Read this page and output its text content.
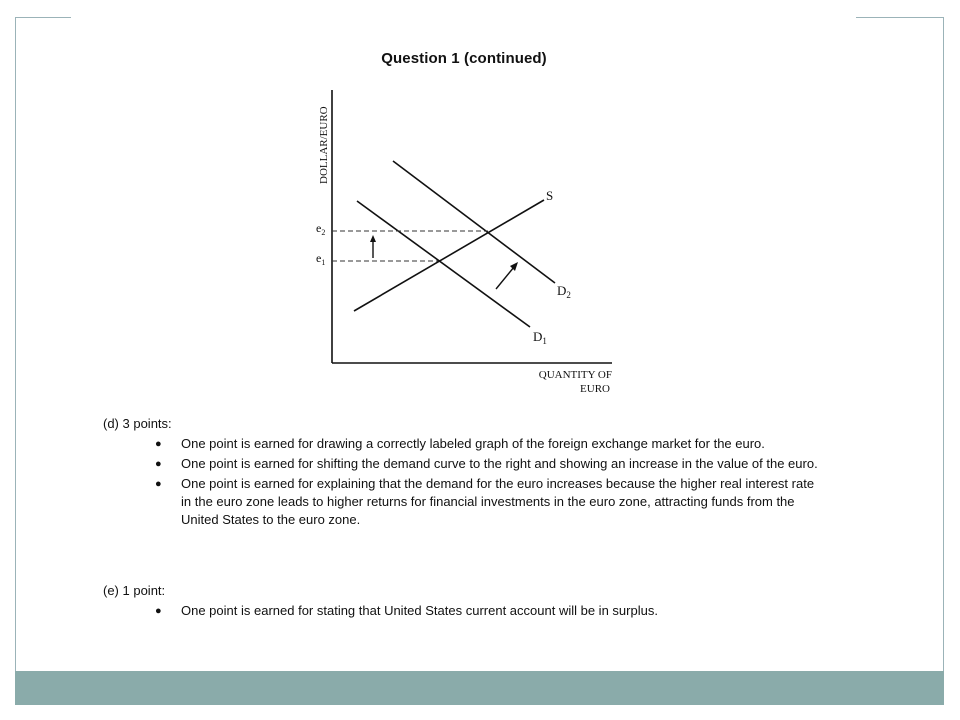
Question 1 (continued)
DOLLAR/EURO
QUANTITY OF
EURO
S
$D_1$
$D_2$
$e_2$
$e_1$
(d) 3 points:
● One point is earned for drawing a correctly labeled graph of the foreign exchange market for the euro.
● One point is earned for shifting the demand curve to the right and showing an increase in the value of the euro.
● One point is earned for explaining that the demand for the euro increases because the higher real interest rate in the euro zone leads to higher returns for financial investments in the euro zone, attracting funds from the United States to the euro zone.
(e) 1 point:
● One point is earned for stating that United States current account will be in surplus.
